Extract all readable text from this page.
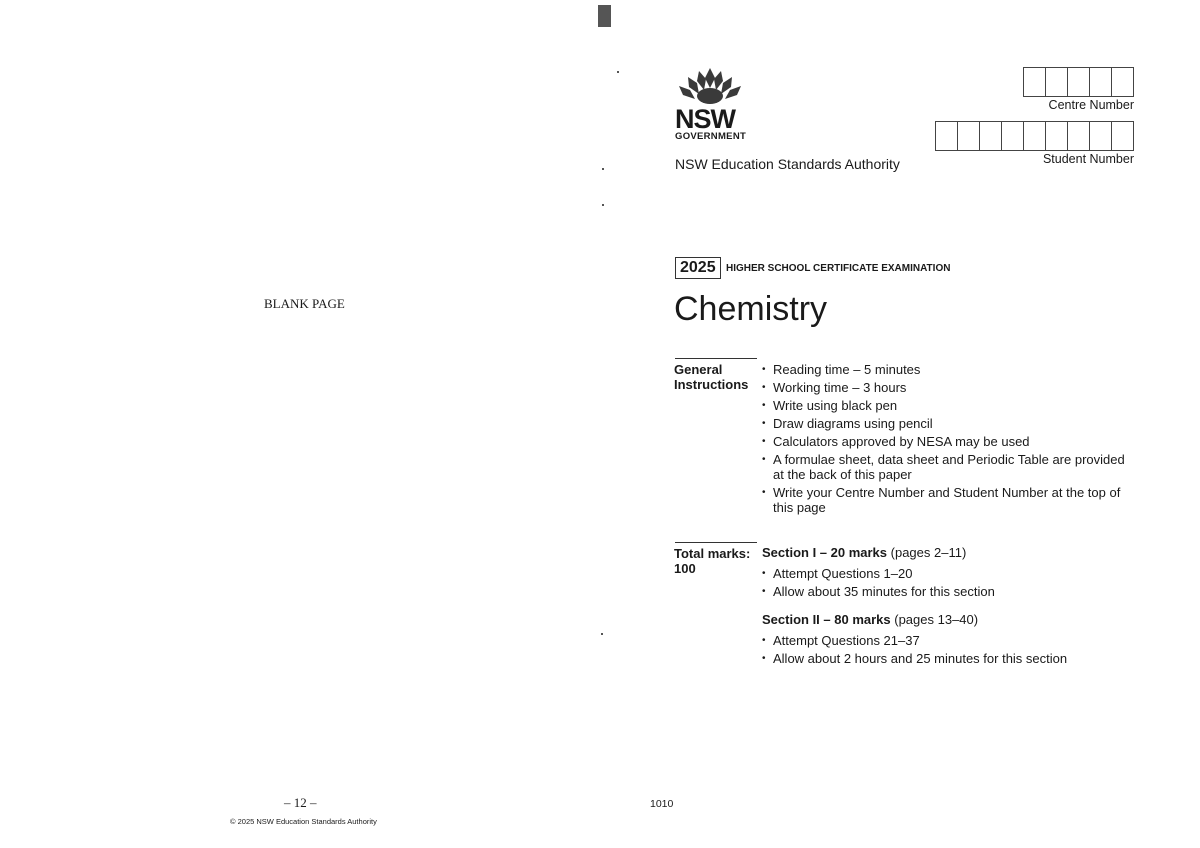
BLANK PAGE
– 12 –
© 2025 NSW Education Standards Authority
NSW
GOVERNMENT
NSW Education Standards Authority
Centre Number
Student Number
2025	HIGHER SCHOOL CERTIFICATE EXAMINATION
Chemistry
General
Instructions
• Reading time – 5 minutes
• Working time – 3 hours
• Write using black pen
• Draw diagrams using pencil
• Calculators approved by NESA may be used
• A formulae sheet, data sheet and Periodic Table are provided at the back of this paper
• Write your Centre Number and Student Number at the top of this page
Total marks:
100
Section I – 20 marks (pages 2–11)
• Attempt Questions 1–20
• Allow about 35 minutes for this section
Section II – 80 marks (pages 13–40)
• Attempt Questions 21–37
• Allow about 2 hours and 25 minutes for this section
1010
